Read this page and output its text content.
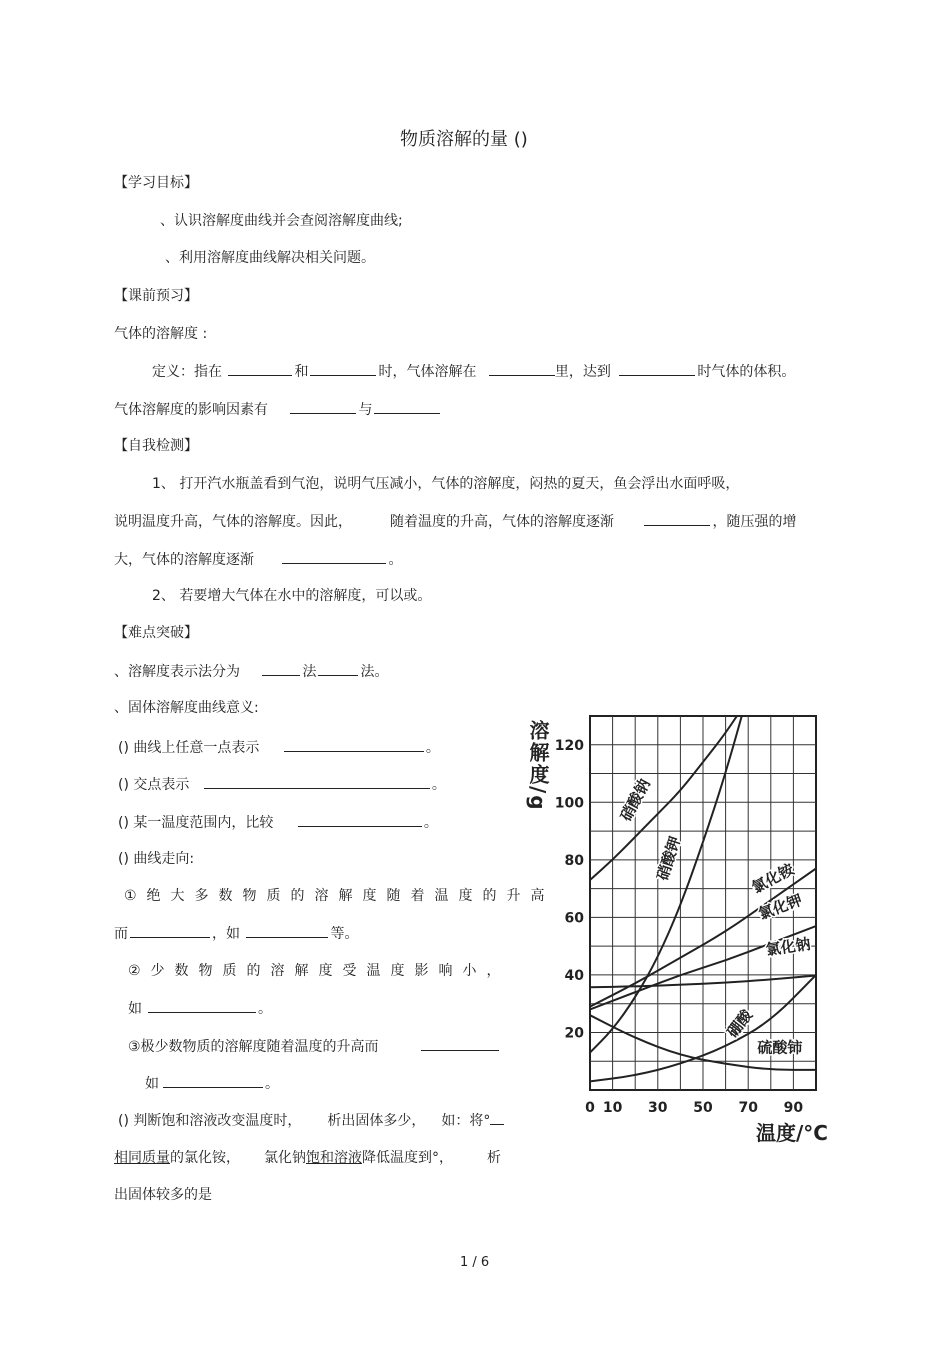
物质溶解的量 ()
【学习目标】
、认识溶解度曲线并会查阅溶解度曲线;
、利用溶解度曲线解决相关问题。
【课前预习】
气体的溶解度 :
定义：指在	和	时，气体溶解在	里，达到	时气体的体积。
气体溶解度的影响因素有	与
【自我检测】
1、 打开汽水瓶盖看到气泡，说明气压减小，气体的溶解度，闷热的夏天，鱼会浮出水面呼吸，
说明温度升高，气体的溶解度。因此，	随着温度的升高，气体的溶解度逐渐	，随压强的增
大，气体的溶解度逐渐	。
2、 若要增大气体在水中的溶解度，可以或。
【难点突破】
、溶解度表示法分为	法	法。
、固体溶解度曲线意义:
() 曲线上任意一点表示	。
() 交点表示	。
() 某一温度范围内，比较	。
() 曲线走向:
①绝大多数物质的溶解度随着温度的升高
而	，如	等。
②少数物质的溶解度受温度影响小，
如	。
③极少数物质的溶解度随着温度的升高而
如	。
() 判断饱和溶液改变温度时， 析出固体多少， 如：将°
相同质量的氯化铵， 氯化钠饱和溶液降低温度到°， 析
出固体较多的是
硝酸钠
硝酸钾	氯化铵
氯化钾
氯化钠
硼酸
硫酸铈
0 10 30 50 70 90
20
40
60
80
100
120
溶解度/g
温度/°C
1 / 6
